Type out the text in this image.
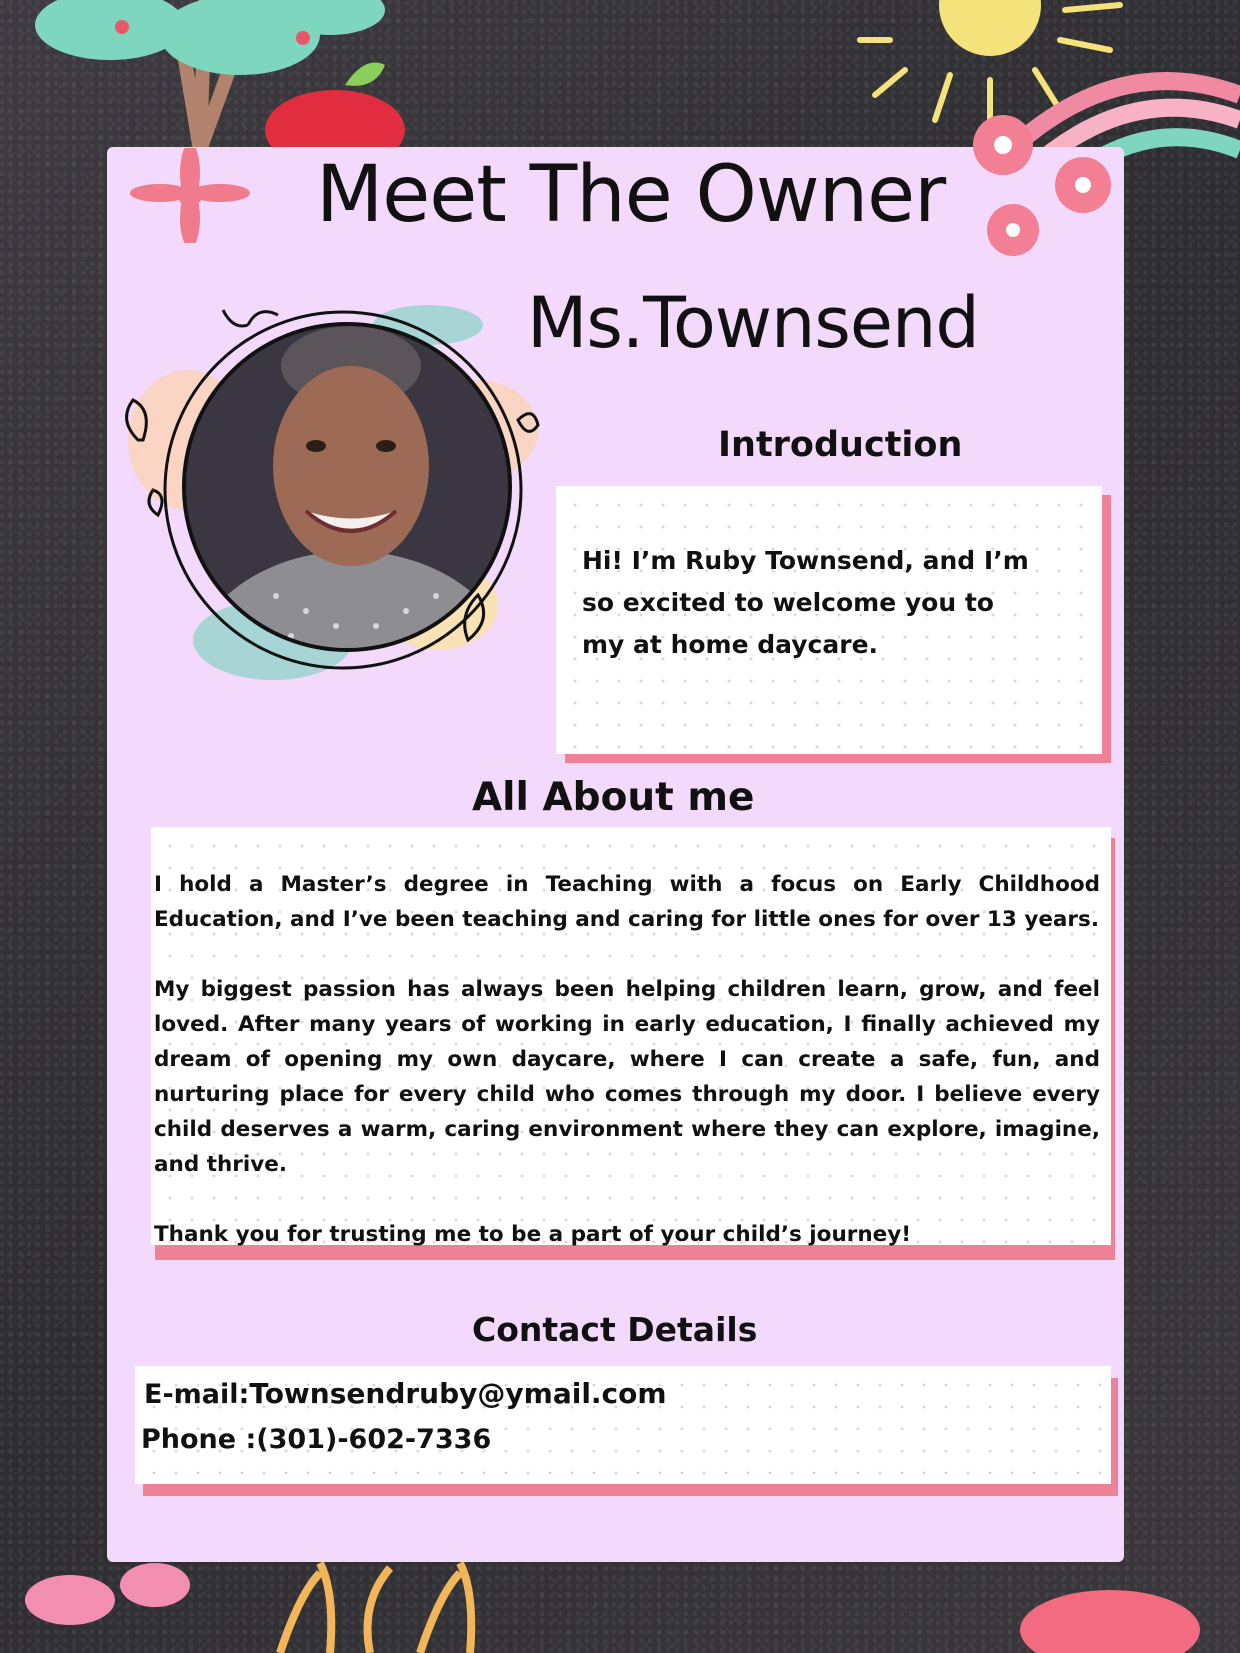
Meet The Owner
Ms.Townsend
Introduction
Hi! I’m Ruby Townsend, and I’m so excited to welcome you to my at home daycare.
All About me

I hold a Master’s degree in Teaching with a focus on Early Childhood Education, and I’ve been teaching and caring for little ones for over 13 years.

My biggest passion has always been helping children learn, grow, and feel loved. After many years of working in early education, I finally achieved my dream of opening my own daycare, where I can create a safe, fun, and nurturing place for every child who comes through my door. I believe every child deserves a warm, caring environment where they can explore, imagine, and thrive.

Thank you for trusting me to be a part of your child’s journey!

Contact Details
E-mail:Townsendruby@ymail.com
Phone :(301)-602-7336
